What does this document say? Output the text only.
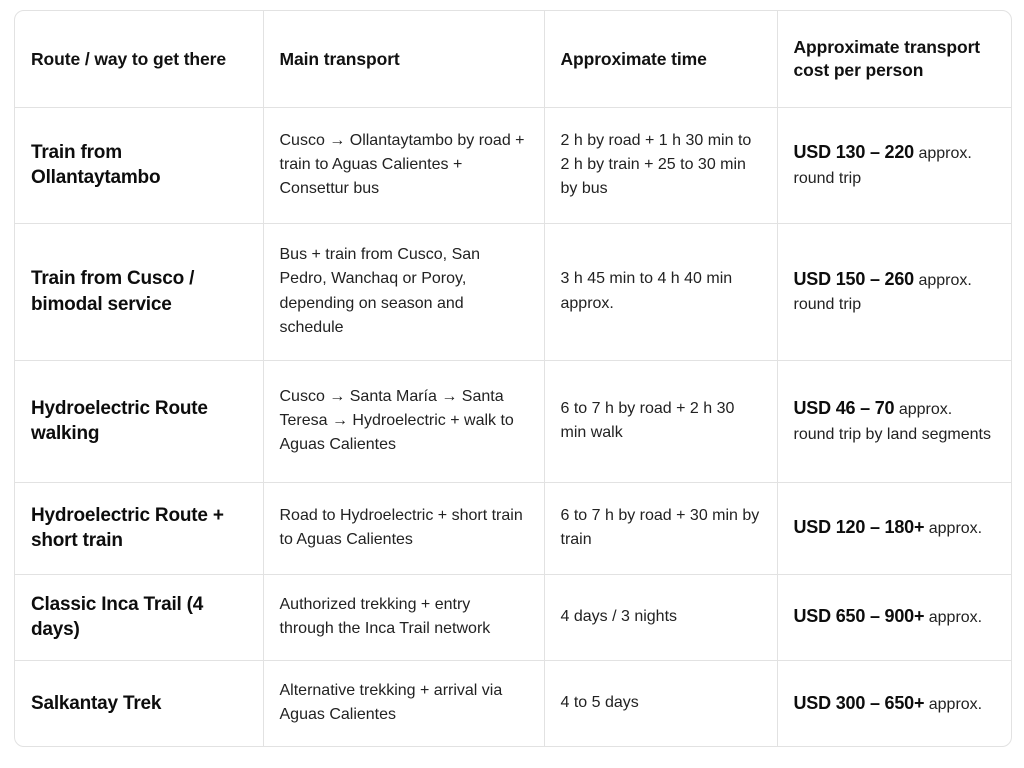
Route / way to get there	Main transport	Approximate time	Approximate transport cost per person
Train from Ollantaytambo	Cusco → Ollantaytambo by road + train to Aguas Calientes + Consettur bus	2 h by road + 1 h 30 min to 2 h by train + 25 to 30 min by bus	USD 130 – 220 approx. round trip
Train from Cusco / bimodal service	Bus + train from Cusco, San Pedro, Wanchaq or Poroy, depending on season and schedule	3 h 45 min to 4 h 40 min approx.	USD 150 – 260 approx. round trip
Hydroelectric Route walking	Cusco → Santa María → Santa Teresa → Hydroelectric + walk to Aguas Calientes	6 to 7 h by road + 2 h 30 min walk	USD 46 – 70 approx. round trip by land segments
Hydroelectric Route + short train	Road to Hydroelectric + short train to Aguas Calientes	6 to 7 h by road + 30 min by train	USD 120 – 180+ approx.
Classic Inca Trail (4 days)	Authorized trekking + entry through the Inca Trail network	4 days / 3 nights	USD 650 – 900+ approx.
Salkantay Trek	Alternative trekking + arrival via Aguas Calientes	4 to 5 days	USD 300 – 650+ approx.
